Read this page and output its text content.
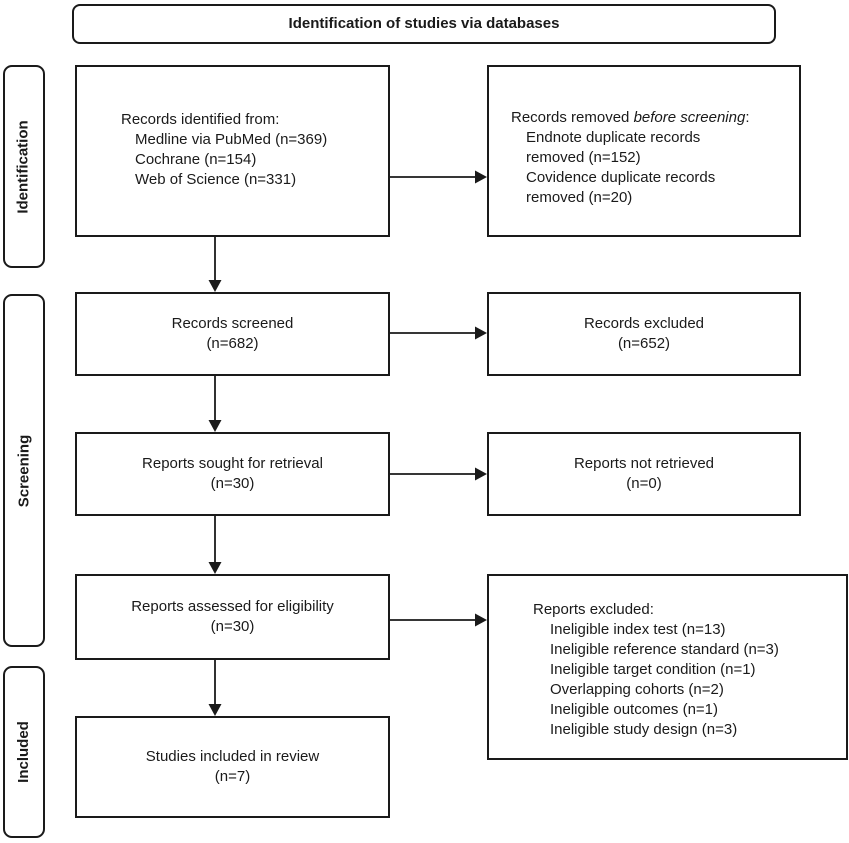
Identification of studies via databases
Identification
Screening
Included
Records identified from:
Medline via PubMed (n=369)
Cochrane (n=154)
Web of Science (n=331)
Records removed before screening:
Endnote duplicate records removed (n=152)
Covidence duplicate records removed (n=20)
Records screened
(n=682)
Records excluded
(n=652)
Reports sought for retrieval
(n=30)
Reports not retrieved
(n=0)
Reports assessed for eligibility
(n=30)
Reports excluded:
Ineligible index test (n=13)
Ineligible reference standard (n=3)
Ineligible target condition (n=1)
Overlapping cohorts (n=2)
Ineligible outcomes (n=1)
Ineligible study design (n=3)
Studies included in review
(n=7)
